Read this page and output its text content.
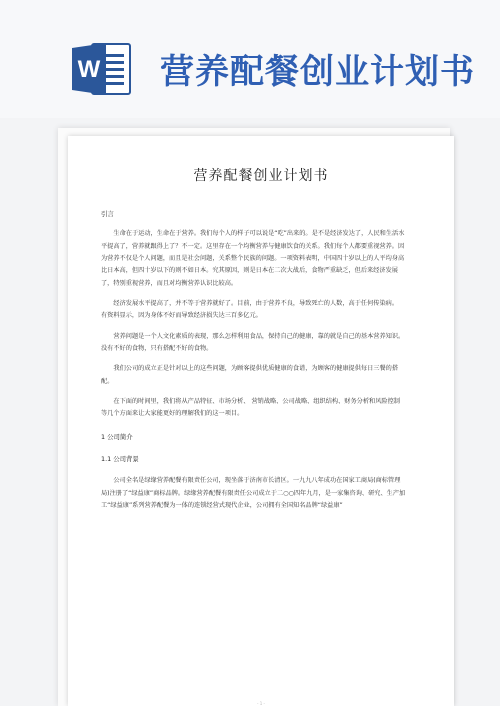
W 营养配餐创业计划书
营养配餐创业计划书

引言

生命在于运动，生命在于营养。我们每个人的样子可以说是“吃”出来的。是不是经济发达了，人民和生活水平提高了，营养就跟得上了？不一定。这里存在一个均衡营养与健康饮食的关系。我们每个人都要重视营养。因为营养不仅是个人问题，而且是社会问题，关系整个民族的问题。一项资料表明，中国四十岁以上的人平均身高比日本高，但四十岁以下的则不如日本。究其原因，则是日本在二次大战后，食物严重缺乏，但后来经济发展了，特别重视营养，而且对均衡营养认识比较高。

经济发展水平提高了，并不等于营养就好了。目前，由于营养不良，导致死亡的人数，高于任何传染病。 有资料显示，因为身体不好而导致经济损失达三百多亿元。

营养问题是一个人文化素质的表现，那么怎样利用食品，保持自己的健康，靠的就是自己的基本营养知识。 没有不好的食物，只有搭配不好的食物。

我们公司的成立正是针对以上的这些问题，为顾客提供优质健康的食谱，为顾客的健康提供每日三餐的搭配。

在下面的时间里，我们将从产品特征、市场分析、 营销战略、公司战略、组织结构、财务分析和风险控制等几个方面来让大家能更好的理解我们的这一项目。

1 公司简介

1.1 公司背景

公司全名是绿缘营养配餐有限责任公司，现坐落于济南市长清区。一九九八年成功在国家工商局(商标管理局)注册了“绿益康”商标品牌。绿缘营养配餐有限责任公司成立于二○○四年九月，是一家集咨询、研究、生产加工“绿益康”系列营养配餐为一体的连锁经营式现代企业，公司拥有全国知名品牌“绿益康”

- 1 -
